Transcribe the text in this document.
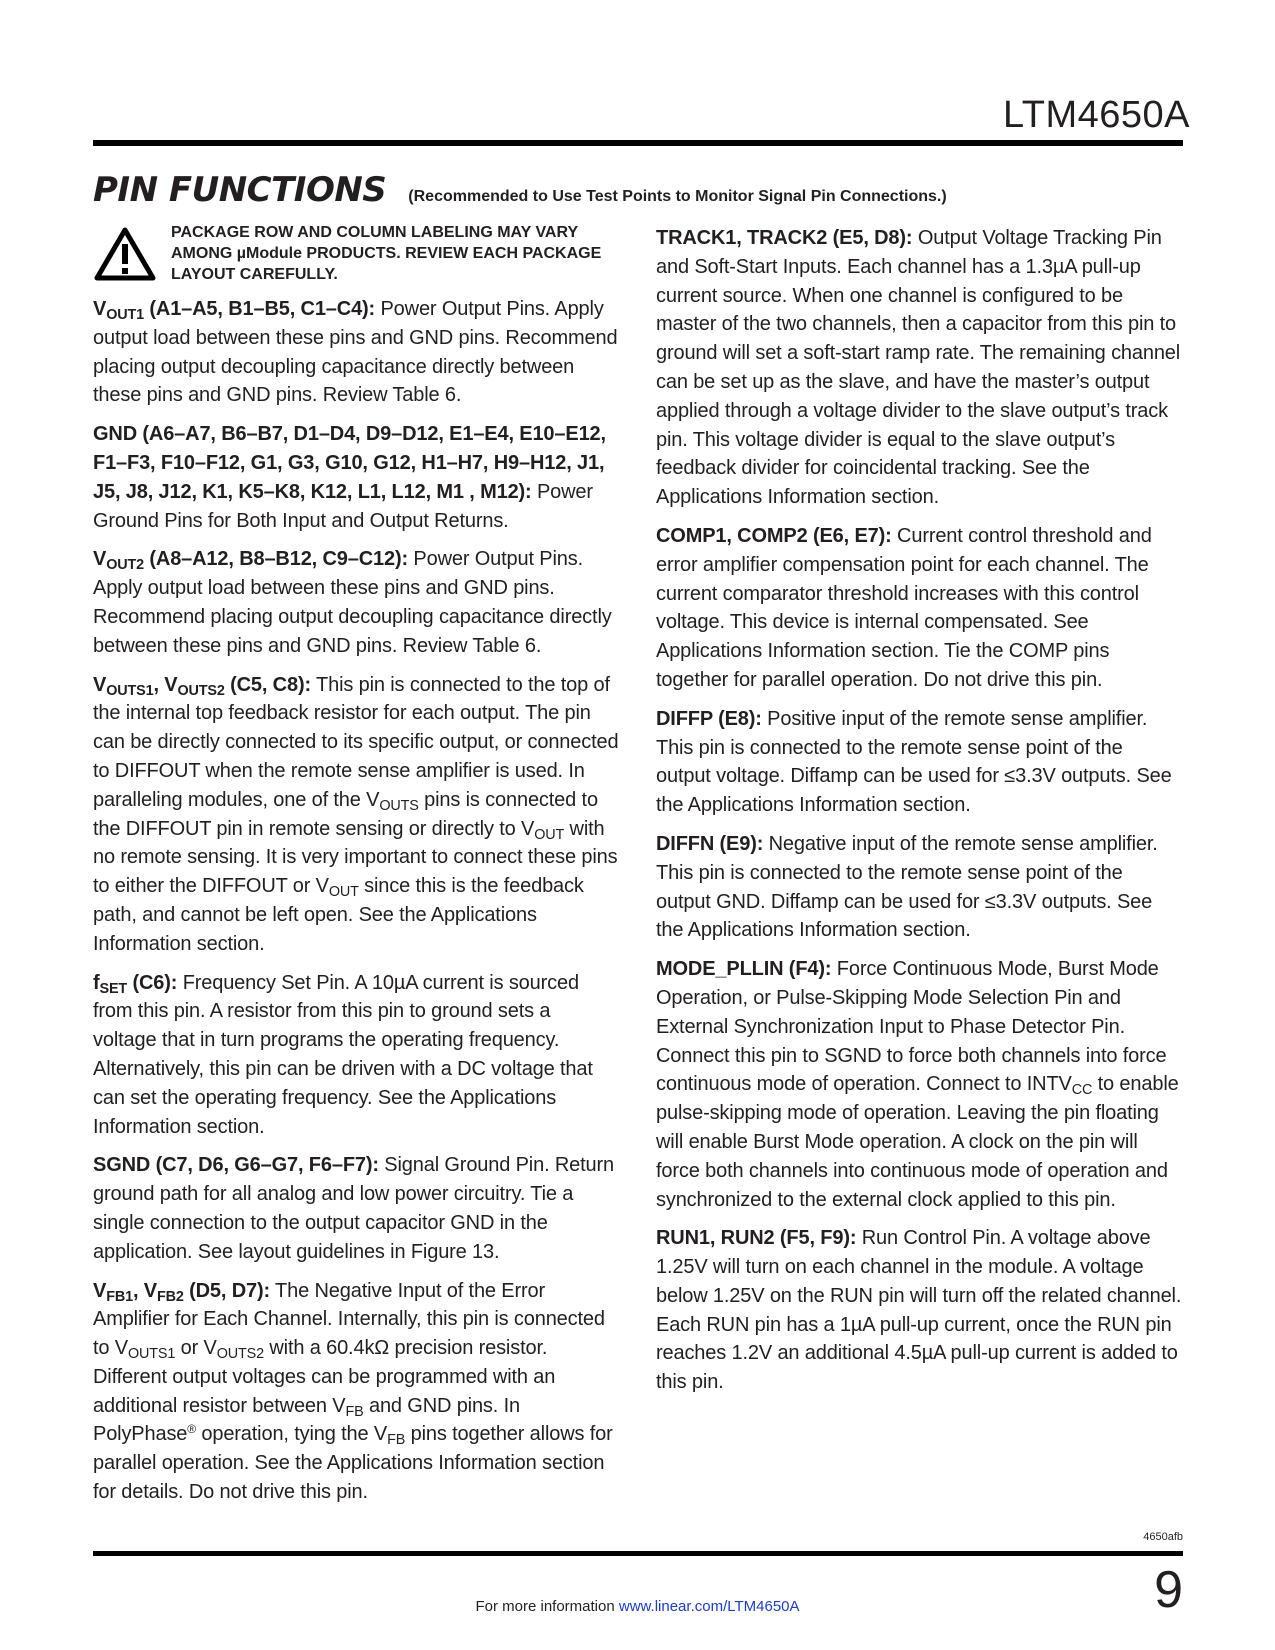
LTM4650A
PIN FUNCTIONS (Recommended to Use Test Points to Monitor Signal Pin Connections.)
PACKAGE ROW AND COLUMN LABELING MAY VARY AMONG µModule PRODUCTS. REVIEW EACH PACKAGE LAYOUT CAREFULLY.

$V_{OUT1}$ (A1–A5, B1–B5, C1–C4): Power Output Pins. Apply output load between these pins and GND pins. Recommend placing output decoupling capacitance directly between these pins and GND pins. Review Table 6.

GND (A6–A7, B6–B7, D1–D4, D9–D12, E1–E4, E10–E12, F1–F3, F10–F12, G1, G3, G10, G12, H1–H7, H9–H12, J1, J5, J8, J12, K1, K5–K8, K12, L1, L12, M1 , M12): Power Ground Pins for Both Input and Output Returns.

$V_{OUT2}$ (A8–A12, B8–B12, C9–C12): Power Output Pins. Apply output load between these pins and GND pins. Recommend placing output decoupling capacitance directly between these pins and GND pins. Review Table 6.

$V_{OUTS1}$, $V_{OUTS2}$ (C5, C8): This pin is connected to the top of the internal top feedback resistor for each output. The pin can be directly connected to its specific output, or connected to DIFFOUT when the remote sense amplifier is used. In paralleling modules, one of the $V_{OUTS}$ pins is connected to the DIFFOUT pin in remote sensing or directly to $V_{OUT}$ with no remote sensing. It is very important to connect these pins to either the DIFFOUT or $V_{OUT}$ since this is the feedback path, and cannot be left open. See the Applications Information section.

$f_{SET}$ (C6): Frequency Set Pin. A 10µA current is sourced from this pin. A resistor from this pin to ground sets a voltage that in turn programs the operating frequency. Alternatively, this pin can be driven with a DC voltage that can set the operating frequency. See the Applications Information section.

SGND (C7, D6, G6–G7, F6–F7): Signal Ground Pin. Return ground path for all analog and low power circuitry. Tie a single connection to the output capacitor GND in the application. See layout guidelines in Figure 13.

$V_{FB1}$, $V_{FB2}$ (D5, D7): The Negative Input of the Error Amplifier for Each Channel. Internally, this pin is connected to $V_{OUTS1}$ or $V_{OUTS2}$ with a 60.4kΩ precision resistor. Different output voltages can be programmed with an additional resistor between $V_{FB}$ and GND pins. In PolyPhase® operation, tying the $V_{FB}$ pins together allows for parallel operation. See the Applications Information section for details. Do not drive this pin.

TRACK1, TRACK2 (E5, D8): Output Voltage Tracking Pin and Soft-Start Inputs. Each channel has a 1.3µA pull-up current source. When one channel is configured to be master of the two channels, then a capacitor from this pin to ground will set a soft-start ramp rate. The remaining channel can be set up as the slave, and have the master’s output applied through a voltage divider to the slave output’s track pin. This voltage divider is equal to the slave output’s feedback divider for coincidental tracking. See the Applications Information section.

COMP1, COMP2 (E6, E7): Current control threshold and error amplifier compensation point for each channel. The current comparator threshold increases with this control voltage. This device is internal compensated. See Applications Information section. Tie the COMP pins together for parallel operation. Do not drive this pin.

DIFFP (E8): Positive input of the remote sense amplifier. This pin is connected to the remote sense point of the output voltage. Diffamp can be used for ≤3.3V outputs. See the Applications Information section.

DIFFN (E9): Negative input of the remote sense amplifier. This pin is connected to the remote sense point of the output GND. Diffamp can be used for ≤3.3V outputs. See the Applications Information section.

MODE_PLLIN (F4): Force Continuous Mode, Burst Mode Operation, or Pulse-Skipping Mode Selection Pin and External Synchronization Input to Phase Detector Pin. Connect this pin to SGND to force both channels into force continuous mode of operation. Connect to $INTV_{CC}$ to enable pulse-skipping mode of operation. Leaving the pin floating will enable Burst Mode operation. A clock on the pin will force both channels into continuous mode of operation and synchronized to the external clock applied to this pin.

RUN1, RUN2 (F5, F9): Run Control Pin. A voltage above 1.25V will turn on each channel in the module. A voltage below 1.25V on the RUN pin will turn off the related channel. Each RUN pin has a 1µA pull-up current, once the RUN pin reaches 1.2V an additional 4.5µA pull-up current is added to this pin.

4650afb
9
For more information www.linear.com/LTM4650A
